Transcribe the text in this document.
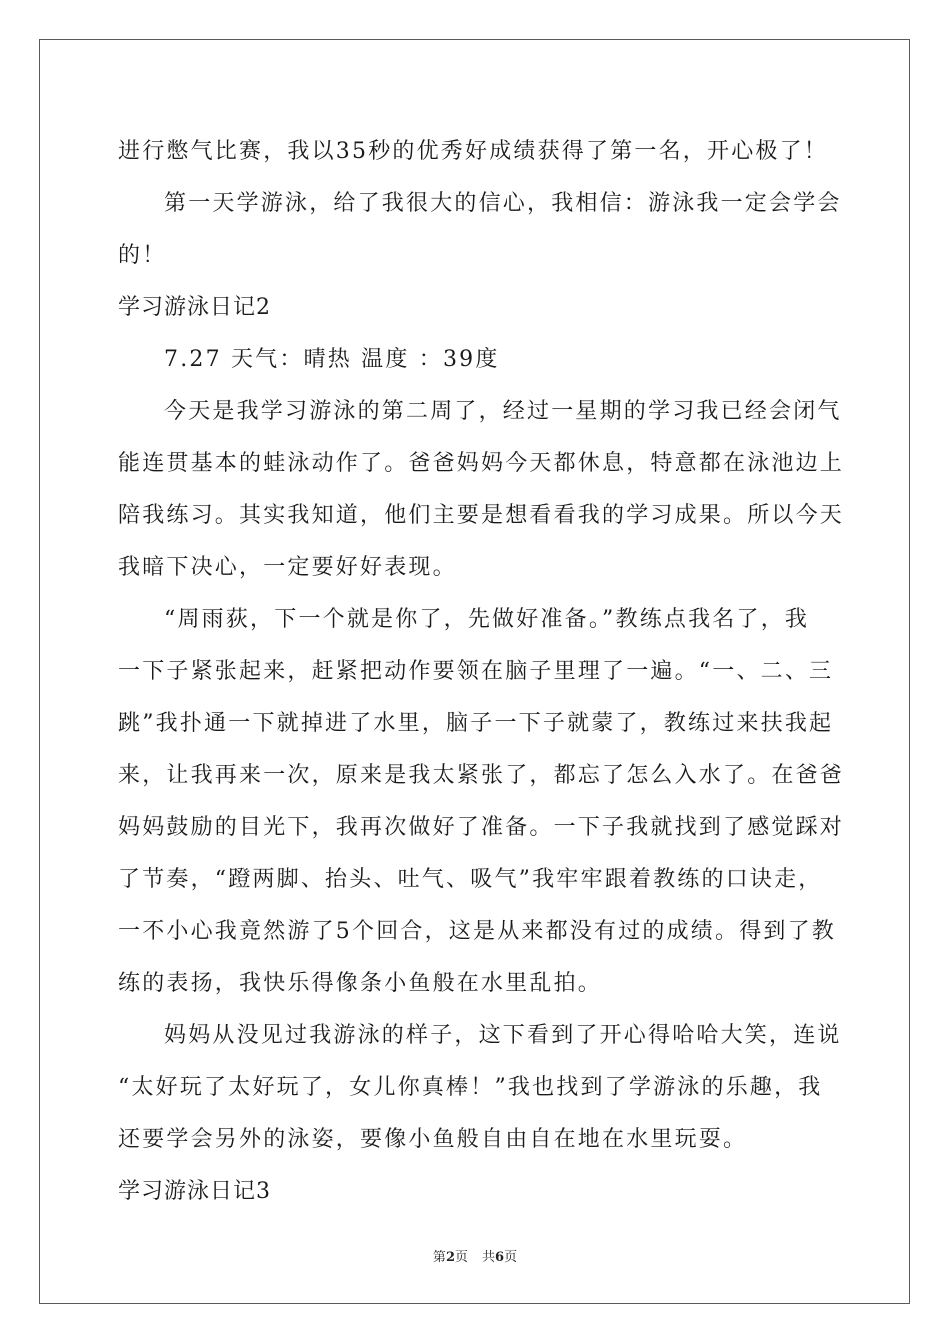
进行憋气比赛，我以35秒的优秀好成绩获得了第一名，开心极了！
第一天学游泳，给了我很大的信心，我相信：游泳我一定会学会
的！
学习游泳日记2
7.27 天气：晴热 温度 ：39度
今天是我学习游泳的第二周了，经过一星期的学习我已经会闭气
能连贯基本的蛙泳动作了。爸爸妈妈今天都休息，特意都在泳池边上
陪我练习。其实我知道，他们主要是想看看我的学习成果。所以今天
我暗下决心，一定要好好表现。
“周雨荻，下一个就是你了，先做好准备。”教练点我名了，我
一下子紧张起来，赶紧把动作要领在脑子里理了一遍。“一、二、三
跳”我扑通一下就掉进了水里，脑子一下子就蒙了，教练过来扶我起
来，让我再来一次，原来是我太紧张了，都忘了怎么入水了。在爸爸
妈妈鼓励的目光下，我再次做好了准备。一下子我就找到了感觉踩对
了节奏，“蹬两脚、抬头、吐气、吸气”我牢牢跟着教练的口诀走，
一不小心我竟然游了5个回合，这是从来都没有过的成绩。得到了教
练的表扬，我快乐得像条小鱼般在水里乱拍。
妈妈从没见过我游泳的样子，这下看到了开心得哈哈大笑，连说
“太好玩了太好玩了，女儿你真棒！”我也找到了学游泳的乐趣，我
还要学会另外的泳姿，要像小鱼般自由自在地在水里玩耍。
学习游泳日记3
第2页 共6页
